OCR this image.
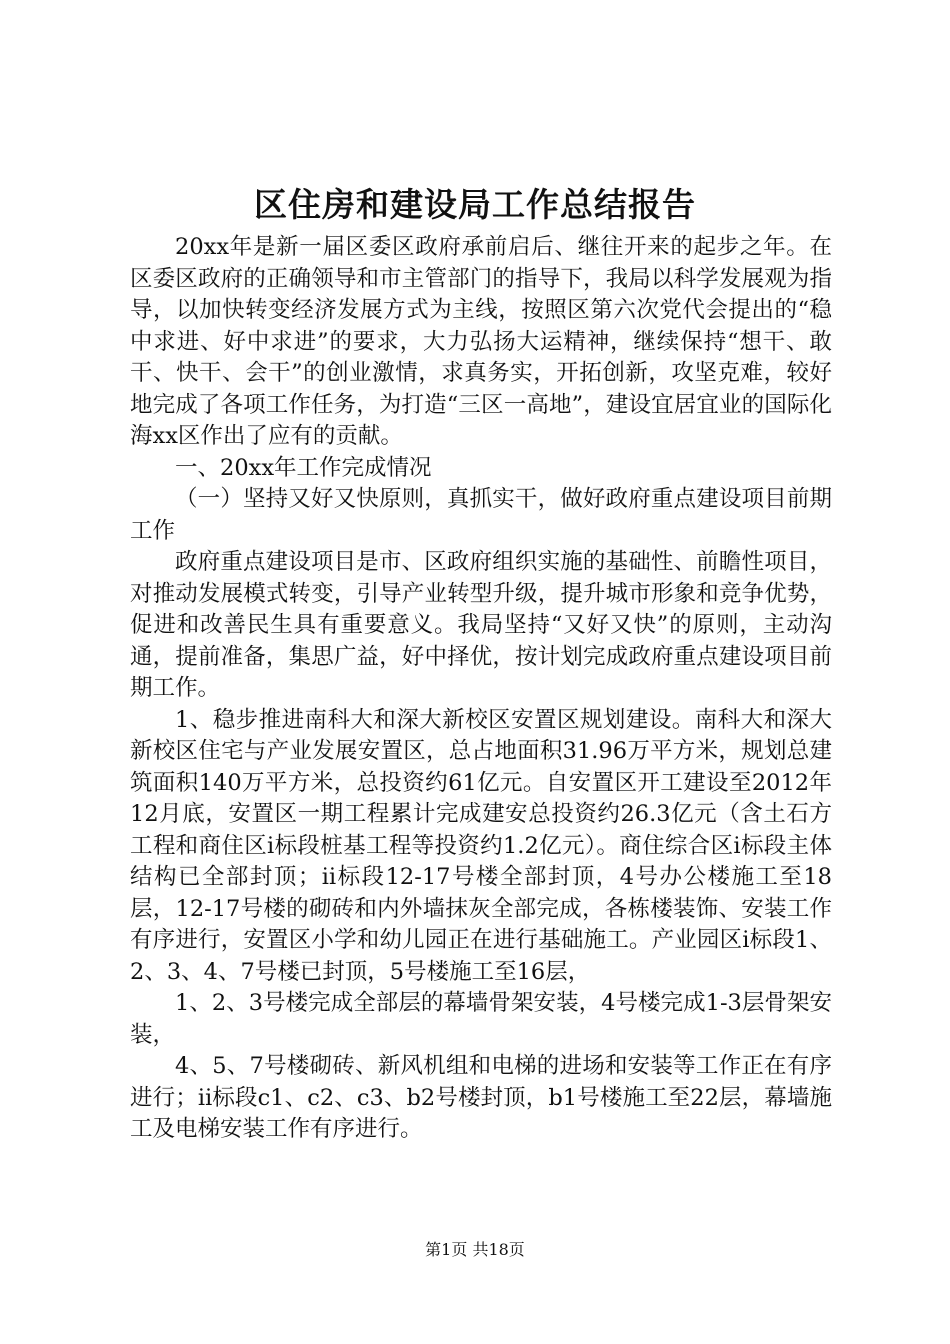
区住房和建设局工作总结报告

20xx年是新一届区委区政府承前启后、继往开来的起步之年。在区委区政府的正确领导和市主管部门的指导下，我局以科学发展观为指导，以加快转变经济发展方式为主线，按照区第六次党代会提出的“稳中求进、好中求进”的要求，大力弘扬大运精神，继续保持“想干、敢干、快干、会干”的创业激情，求真务实，开拓创新，攻坚克难，较好地完成了各项工作任务，为打造“三区一高地”，建设宜居宜业的国际化海xx区作出了应有的贡献。

一、20xx年工作完成情况

（一）坚持又好又快原则，真抓实干，做好政府重点建设项目前期工作

政府重点建设项目是市、区政府组织实施的基础性、前瞻性项目，对推动发展模式转变，引导产业转型升级，提升城市形象和竞争优势，促进和改善民生具有重要意义。我局坚持“又好又快”的原则，主动沟通，提前准备，集思广益，好中择优，按计划完成政府重点建设项目前期工作。

1、稳步推进南科大和深大新校区安置区规划建设。南科大和深大新校区住宅与产业发展安置区，总占地面积31.96万平方米，规划总建筑面积140万平方米，总投资约61亿元。自安置区开工建设至2012年12月底，安置区一期工程累计完成建安总投资约26.3亿元（含土石方工程和商住区ⅰ标段桩基工程等投资约1.2亿元）。商住综合区ⅰ标段主体结构已全部封顶；ⅱ标段12-17号楼全部封顶，4号办公楼施工至18层，12-17号楼的砌砖和内外墙抹灰全部完成，各栋楼装饰、安装工作有序进行，安置区小学和幼儿园正在进行基础施工。产业园区ⅰ标段1、2、3、4、7号楼已封顶，5号楼施工至16层，

1、2、3号楼完成全部层的幕墙骨架安装，4号楼完成1-3层骨架安装，

4、5、7号楼砌砖、新风机组和电梯的进场和安装等工作正在有序进行；ⅱ标段c1、c2、c3、b2号楼封顶，b1号楼施工至22层，幕墙施工及电梯安装工作有序进行。

第1页 共18页
